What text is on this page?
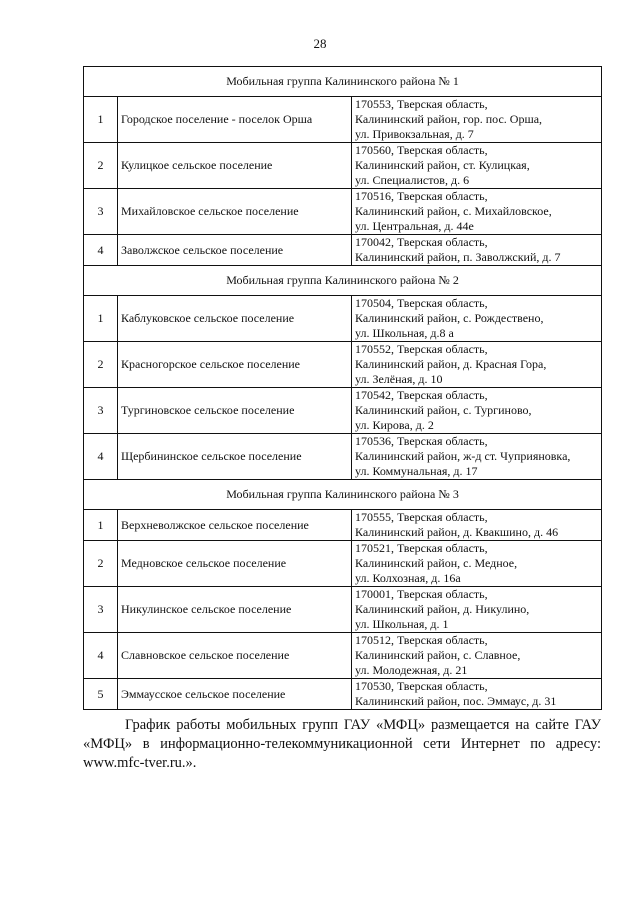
28
Мобильная группа Калининского района № 1		
1	Городское поселение - поселок Орша	170553, Тверская область,
Калининский район, гор. пос. Орша,
ул. Привокзальная, д. 7
2	Кулицкое сельское поселение	170560, Тверская область,
Калининский район, ст. Кулицкая,
ул. Специалистов, д. 6
3	Михайловское сельское поселение	170516, Тверская область,
Калининский район, с. Михайловское,
ул. Центральная, д. 44е
4	Заволжское сельское поселение	170042, Тверская область,
Калининский район, п. Заволжский, д. 7
Мобильная группа Калининского района № 2		
1	Каблуковское сельское поселение	170504, Тверская область,
Калининский район, с. Рождествено,
ул. Школьная, д.8 а
2	Красногорское сельское поселение	170552, Тверская область,
Калининский район, д. Красная Гора,
ул. Зелёная, д. 10
3	Тургиновское сельское поселение	170542, Тверская область,
Калининский район, с. Тургиново,
ул. Кирова, д. 2
4	Щербининское сельское поселение	170536, Тверская область,
Калининский район, ж-д ст. Чуприяновка,
ул. Коммунальная, д. 17
Мобильная группа Калининского района № 3		
1	Верхневолжское сельское поселение	170555, Тверская область,
Калининский район, д. Квакшино, д. 46
2	Медновское сельское поселение	170521, Тверская область,
Калининский район, с. Медное,
ул. Колхозная, д. 16а
3	Никулинское сельское поселение	170001, Тверская область,
Калининский район, д. Никулино,
ул. Школьная, д. 1
4	Славновское сельское поселение	170512, Тверская область,
Калининский район, с. Славное,
ул. Молодежная, д. 21
5	Эммаусское сельское поселение	170530, Тверская область,
Калининский район, пос. Эммаус, д. 31
График работы мобильных групп ГАУ «МФЦ» размещается на сайте ГАУ «МФЦ» в информационно-телекоммуникационной сети Интернет по адресу: www.mfc-tver.ru.».
